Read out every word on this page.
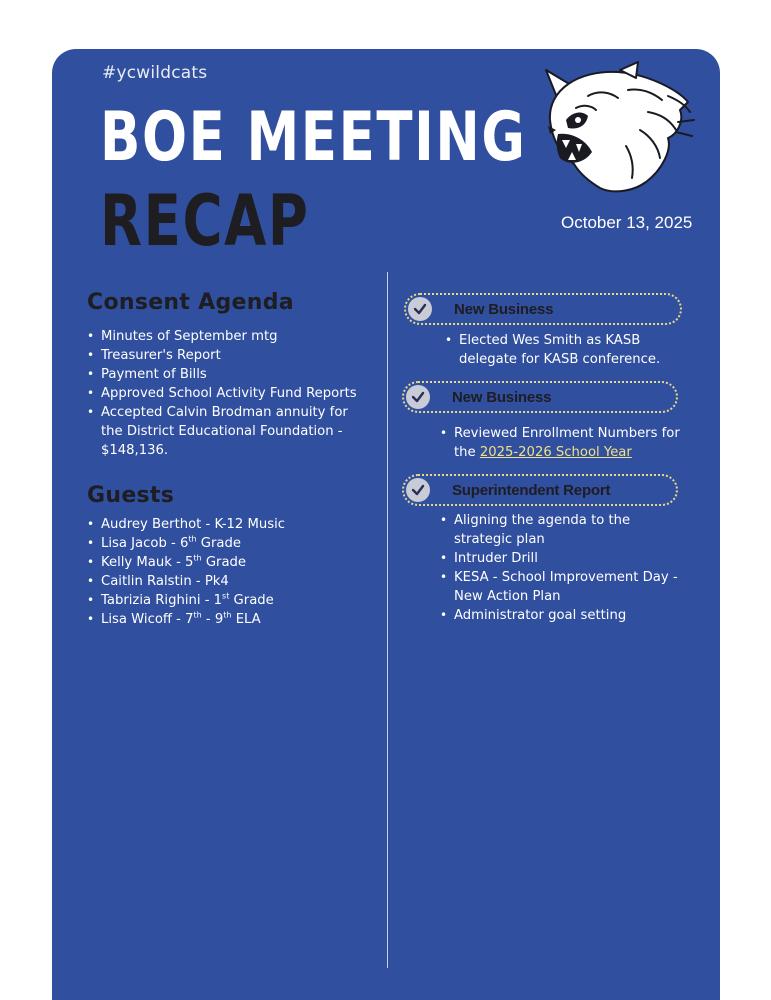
#ycwildcats
BOE MEETING
RECAP	October 13, 2025
Consent Agenda
• Minutes of September mtg
• Treasurer's Report
• Payment of Bills
• Approved School Activity Fund Reports
• Accepted Calvin Brodman annuity for
the District Educational Foundation -
$148,136.
Guests
• Audrey Berthot - K-12 Music
• Lisa Jacob - 6th Grade
• Kelly Mauk - 5th Grade
• Caitlin Ralstin - Pk4
• Tabrizia Righini - 1st Grade
• Lisa Wicoff - 7th - 9th ELA
New Business
• Elected Wes Smith as KASB
delegate for KASB conference.
New Business
• Reviewed Enrollment Numbers for
the 2025-2026 School Year
Superintendent Report
• Aligning the agenda to the
strategic plan
• Intruder Drill
• KESA - School Improvement Day -
New Action Plan
• Administrator goal setting
